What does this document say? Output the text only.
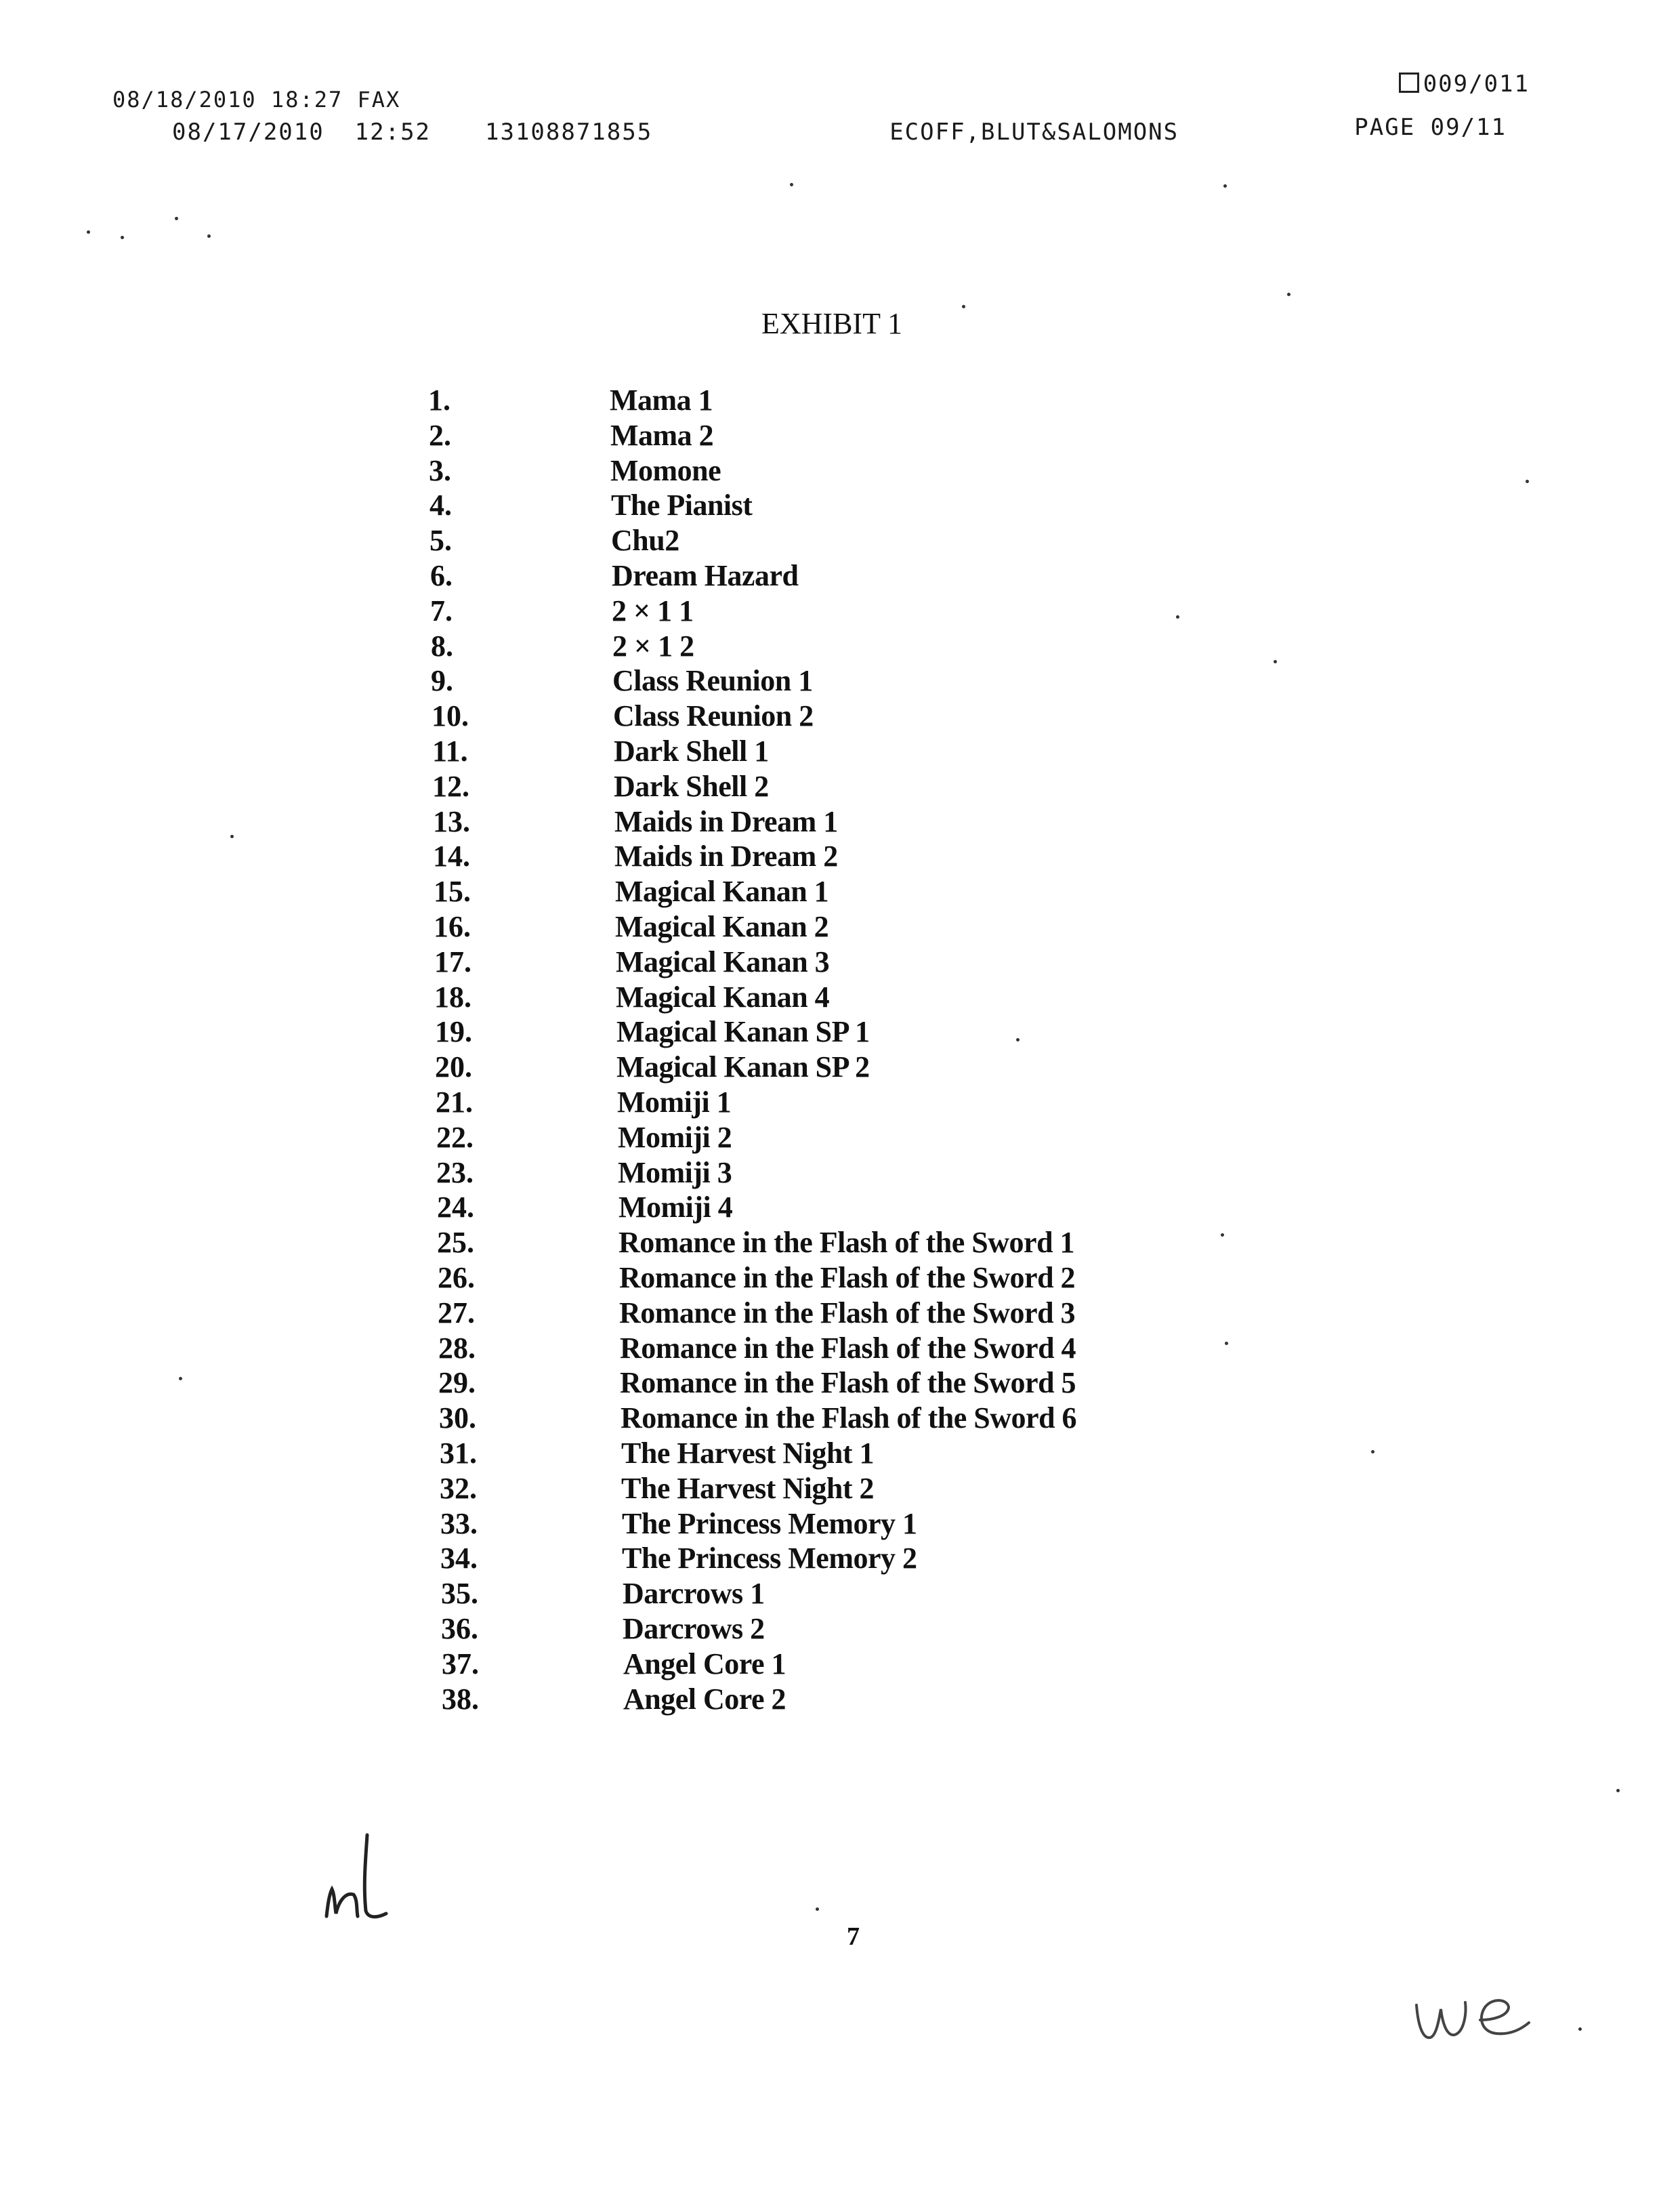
08/18/2010 18:27 FAX
08/17/2010 12:52 13108871855	ECOFF,BLUT&SALOMONS
009/011
PAGE 09/11
EXHIBIT 1
1.	Mama 1
2.	Mama 2
3.	Momone
4.	The Pianist
5.	Chu2
6.	Dream Hazard
7.	2 × 1 1
8.	2 × 1 2
9.	Class Reunion 1
10.	Class Reunion 2
11.	Dark Shell 1
12.	Dark Shell 2
13.	Maids in Dream 1
14.	Maids in Dream 2
15.	Magical Kanan 1
16.	Magical Kanan 2
17.	Magical Kanan 3
18.	Magical Kanan 4
19.	Magical Kanan SP 1
20.	Magical Kanan SP 2
21.	Momiji 1
22.	Momiji 2
23.	Momiji 3
24.	Momiji 4
25.	Romance in the Flash of the Sword 1
26.	Romance in the Flash of the Sword 2
27.	Romance in the Flash of the Sword 3
28.	Romance in the Flash of the Sword 4
29.	Romance in the Flash of the Sword 5
30.	Romance in the Flash of the Sword 6
31.	The Harvest Night 1
32.	The Harvest Night 2
33.	The Princess Memory 1
34.	The Princess Memory 2
35.	Darcrows 1
36.	Darcrows 2
37.	Angel Core 1
38.	Angel Core 2
7
